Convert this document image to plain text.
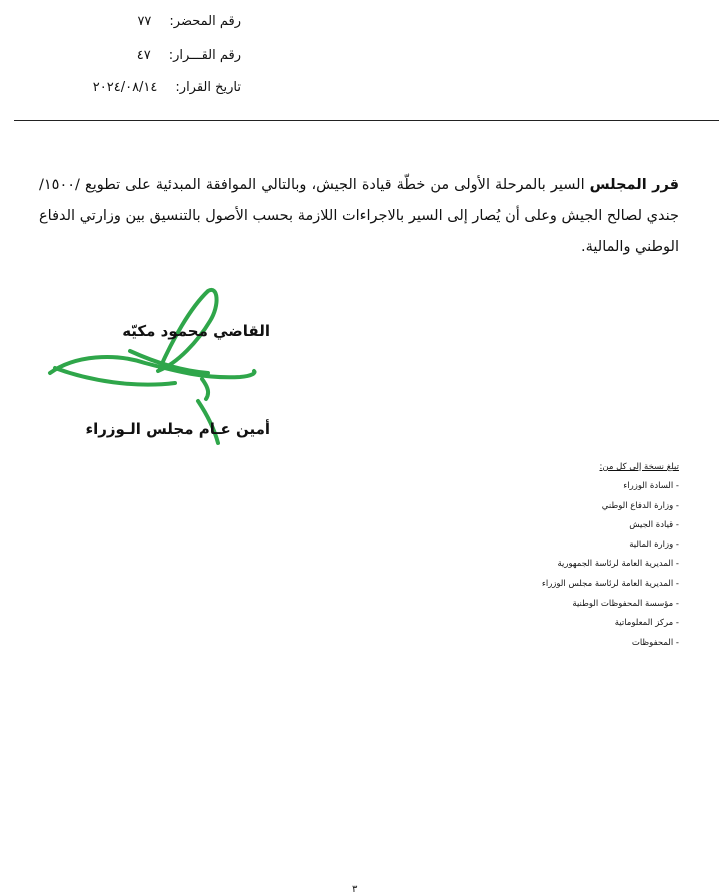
رقم المحضر:٧٧
رقم القـــرار:٤٧
تاريخ القرار:٢٠٢٤/٠٨/١٤
قرر المجلس السير بالمرحلة الأولى من خطّة قيادة الجيش، وبالتالي الموافقة المبدئية على تطويع /١٥٠٠/ جندي لصالح الجيش وعلى أن يُصار إلى السير بالاجراءات اللازمة بحسب الأصول بالتنسيق بين وزارتي الدفاع الوطني والمالية.
القاضي محمود مكيّه
أمين عـام مجلس الـوزراء
تبلغ نسخة إلى كل من:
- السادة الوزراء
- وزارة الدفاع الوطني
- قيادة الجيش
- وزارة المالية
- المديرية العامة لرئاسة الجمهورية
- المديرية العامة لرئاسة مجلس الوزراء
- مؤسسة المحفوظات الوطنية
- مركز المعلوماتية
- المحفوظات
٣
